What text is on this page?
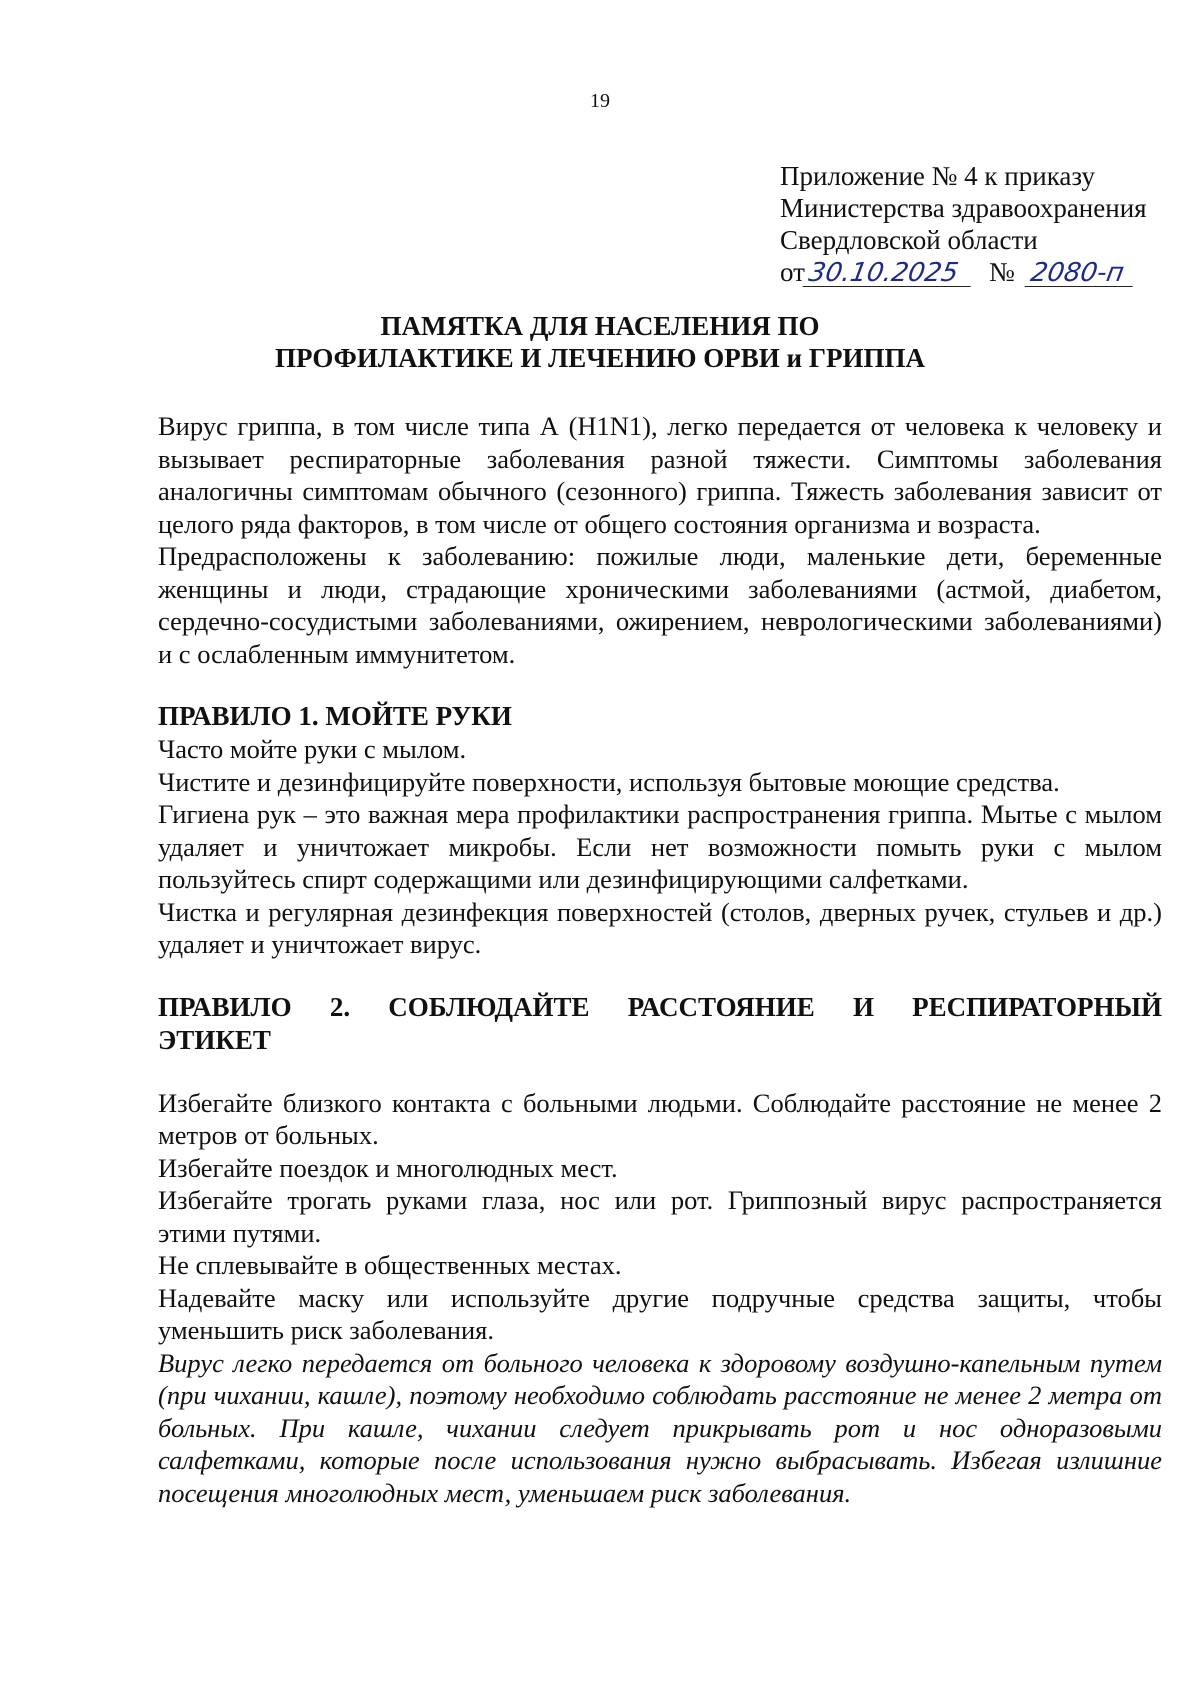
19
Приложение № 4 к приказу
Министерства здравоохранения
Свердловской области
от 30.10.2025	№ 2080-п
ПАМЯТКА ДЛЯ НАСЕЛЕНИЯ ПО
ПРОФИЛАКТИКЕ И ЛЕЧЕНИЮ ОРВИ и ГРИППА

Вирус гриппа, в том числе типа А (H1N1), легко передается от человека к человеку и вызывает респираторные заболевания разной тяжести. Симптомы заболевания аналогичны симптомам обычного (сезонного) гриппа. Тяжесть заболевания зависит от целого ряда факторов, в том числе от общего состояния организма и возраста.

Предрасположены к заболеванию: пожилые люди, маленькие дети, беременные женщины и люди, страдающие хроническими заболеваниями (астмой, диабетом, сердечно-сосудистыми заболеваниями, ожирением, неврологическими заболеваниями) и с ослабленным иммунитетом.

ПРАВИЛО 1. МОЙТЕ РУКИ

Часто мойте руки с мылом.

Чистите и дезинфицируйте поверхности, используя бытовые моющие средства.

Гигиена рук – это важная мера профилактики распространения гриппа. Мытье с мылом удаляет и уничтожает микробы. Если нет возможности помыть руки с мылом пользуйтесь спирт содержащими или дезинфицирующими салфетками.

Чистка и регулярная дезинфекция поверхностей (столов, дверных ручек, стульев и др.) удаляет и уничтожает вирус.

ПРАВИЛО 2. СОБЛЮДАЙТЕ РАССТОЯНИЕ И РЕСПИРАТОРНЫЙ ЭТИКЕТ

Избегайте близкого контакта с больными людьми. Соблюдайте расстояние не менее 2 метров от больных.

Избегайте поездок и многолюдных мест.

Избегайте трогать руками глаза, нос или рот. Гриппозный вирус распространяется этими путями.

Не сплевывайте в общественных местах.

Надевайте маску или используйте другие подручные средства защиты, чтобы уменьшить риск заболевания.

Вирус легко передается от больного человека к здоровому воздушно-капельным путем (при чихании, кашле), поэтому необходимо соблюдать расстояние не менее 2 метра от больных. При кашле, чихании следует прикрывать рот и нос одноразовыми салфетками, которые после использования нужно выбрасывать. Избегая излишние посещения многолюдных мест, уменьшаем риск заболевания.
